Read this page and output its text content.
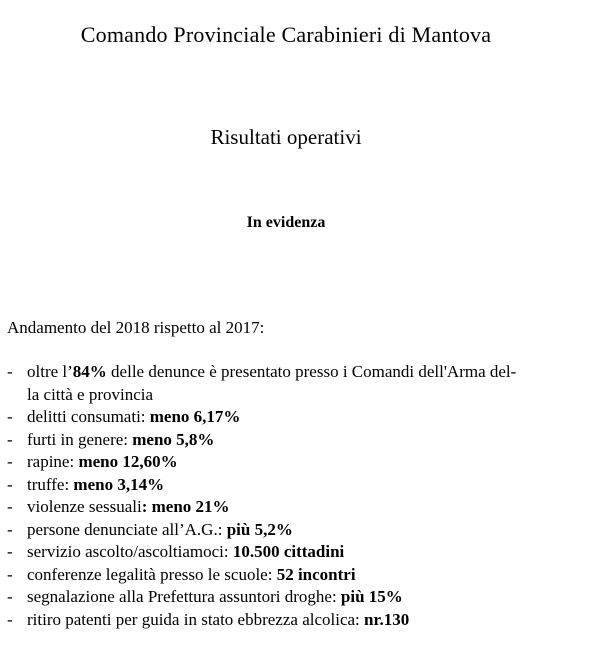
Comando Provinciale Carabinieri di Mantova
Risultati operativi
In evidenza
Andamento del 2018 rispetto al 2017:
- oltre l’84% delle denunce è presentato presso i Comandi dell'Arma del-
la città e provincia
- delitti consumati: meno 6,17%
- furti in genere: meno 5,8%
- rapine: meno 12,60%
- truffe: meno 3,14%
- violenze sessuali: meno 21%
- persone denunciate all’A.G.: più 5,2%
- servizio ascolto/ascoltiamoci: 10.500 cittadini
- conferenze legalità presso le scuole: 52 incontri
- segnalazione alla Prefettura assuntori droghe: più 15%
- ritiro patenti per guida in stato ebbrezza alcolica: nr.130
